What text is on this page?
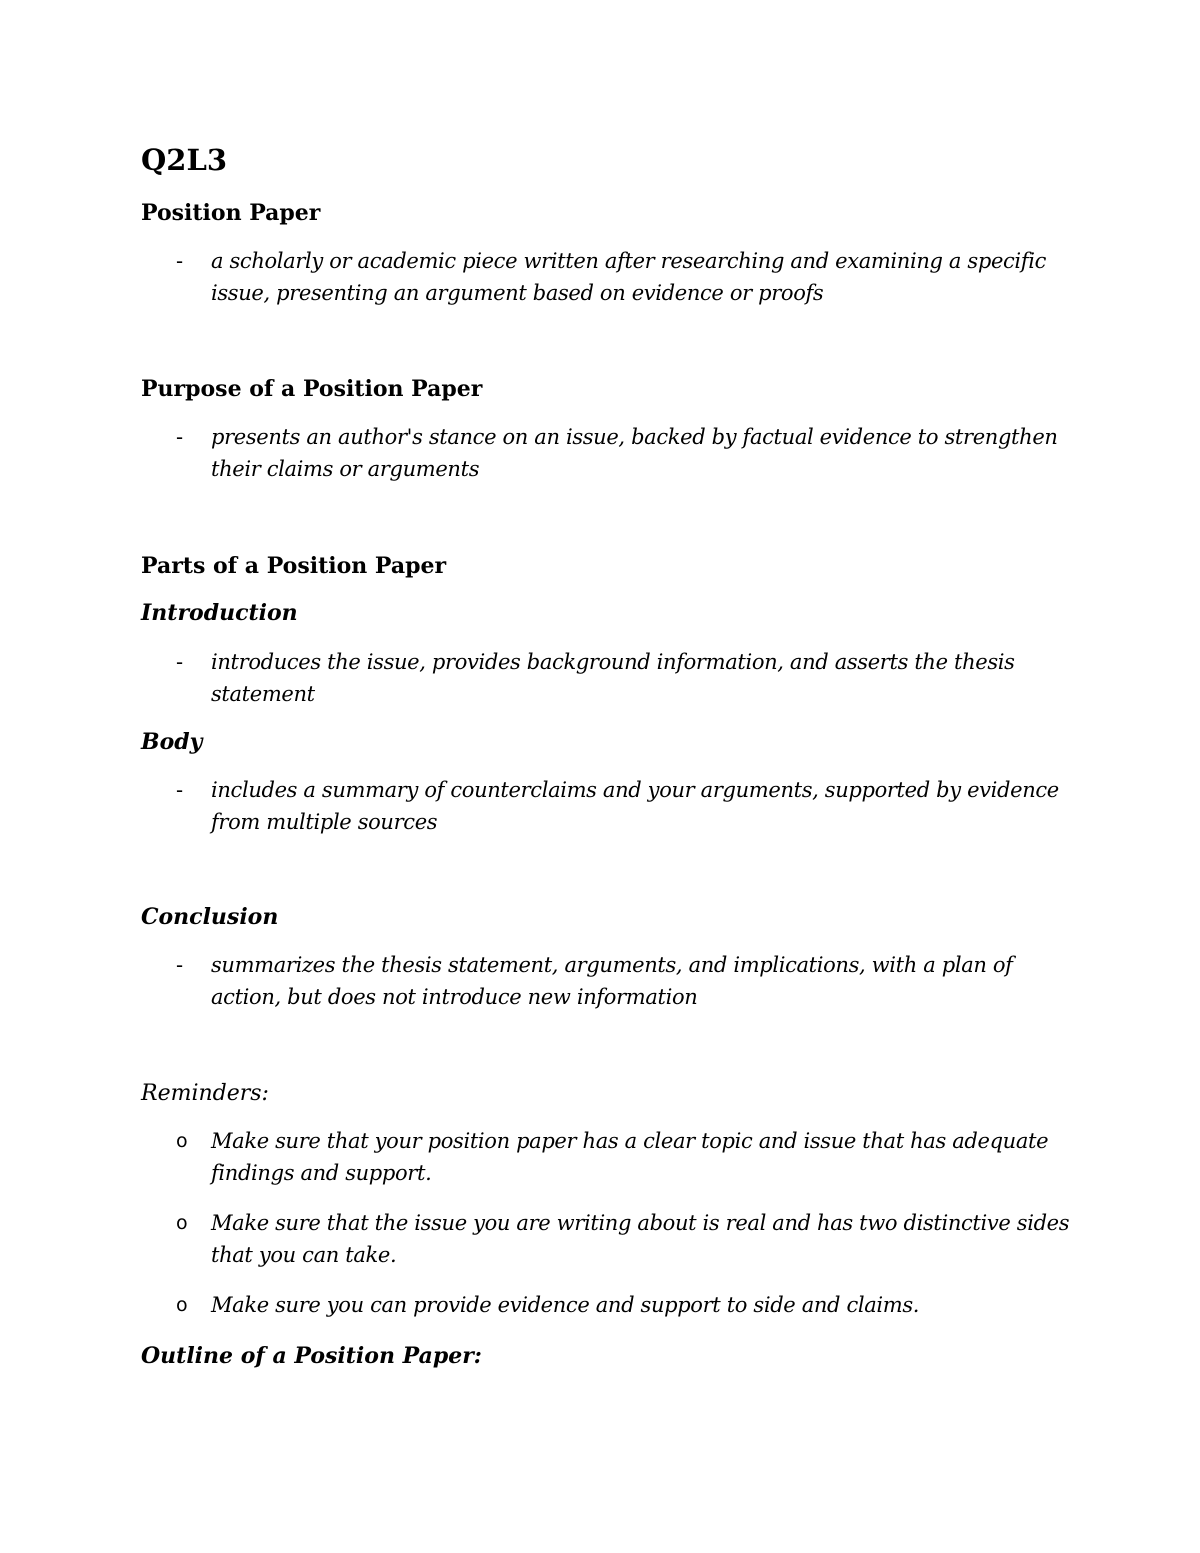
Q2L3
Position Paper
- a scholarly or academic piece written after researching and examining a specific issue, presenting an argument based on evidence or proofs
Purpose of a Position Paper
- presents an author's stance on an issue, backed by factual evidence to strengthen their claims or arguments
Parts of a Position Paper
Introduction
- introduces the issue, provides background information, and asserts the thesis statement
Body
- includes a summary of counterclaims and your arguments, supported by evidence from multiple sources
Conclusion
- summarizes the thesis statement, arguments, and implications, with a plan of action, but does not introduce new information
Reminders:
o Make sure that your position paper has a clear topic and issue that has adequate findings and support.
o Make sure that the issue you are writing about is real and has two distinctive sides that you can take.
o Make sure you can provide evidence and support to side and claims.
Outline of a Position Paper:
